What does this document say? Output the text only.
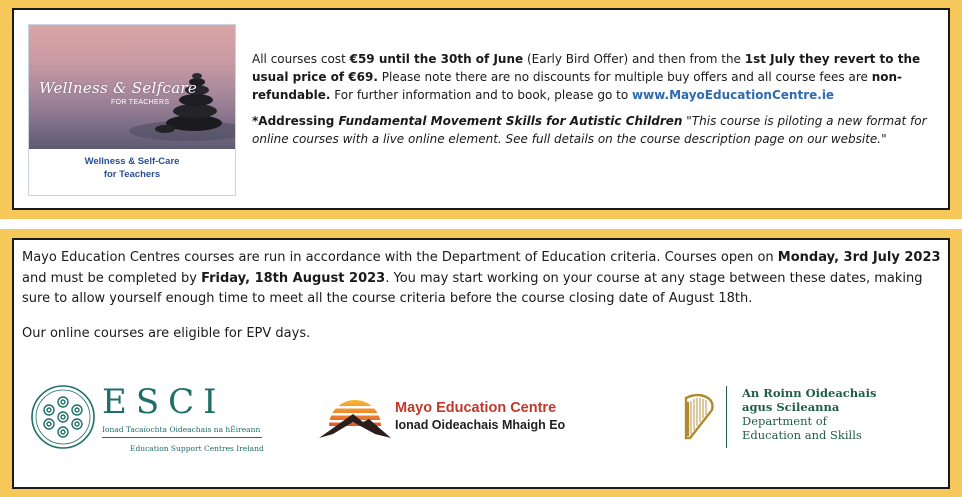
Wellness & Selfcare
FOR TEACHERS
Wellness & Self-Care
for Teachers

All courses cost €59 until the 30th of June (Early Bird Offer) and then from the 1st July they revert to the usual price of €69. Please note there are no discounts for multiple buy offers and all course fees are non-refundable. For further information and to book, please go to www.MayoEducationCentre.ie

*Addressing Fundamental Movement Skills for Autistic Children "This course is piloting a new format for online courses with a live online element. See full details on the course description page on our website."

Mayo Education Centres courses are run in accordance with the Department of Education criteria. Courses open on Monday, 3rd July 2023 and must be completed by Friday, 18th August 2023. You may start working on your course at any stage between these dates, making sure to allow yourself enough time to meet all the course criteria before the course closing date of August 18th.

Our online courses are eligible for EPV days.

ESCI
Ionad Tacaíochta Oideachais na hÉireann
Education Support Centres Ireland
Mayo Education Centre
Ionad Oideachais Mhaigh Eo
An Roinn Oideachais
agus Scileanna
Department of
Education and Skills
